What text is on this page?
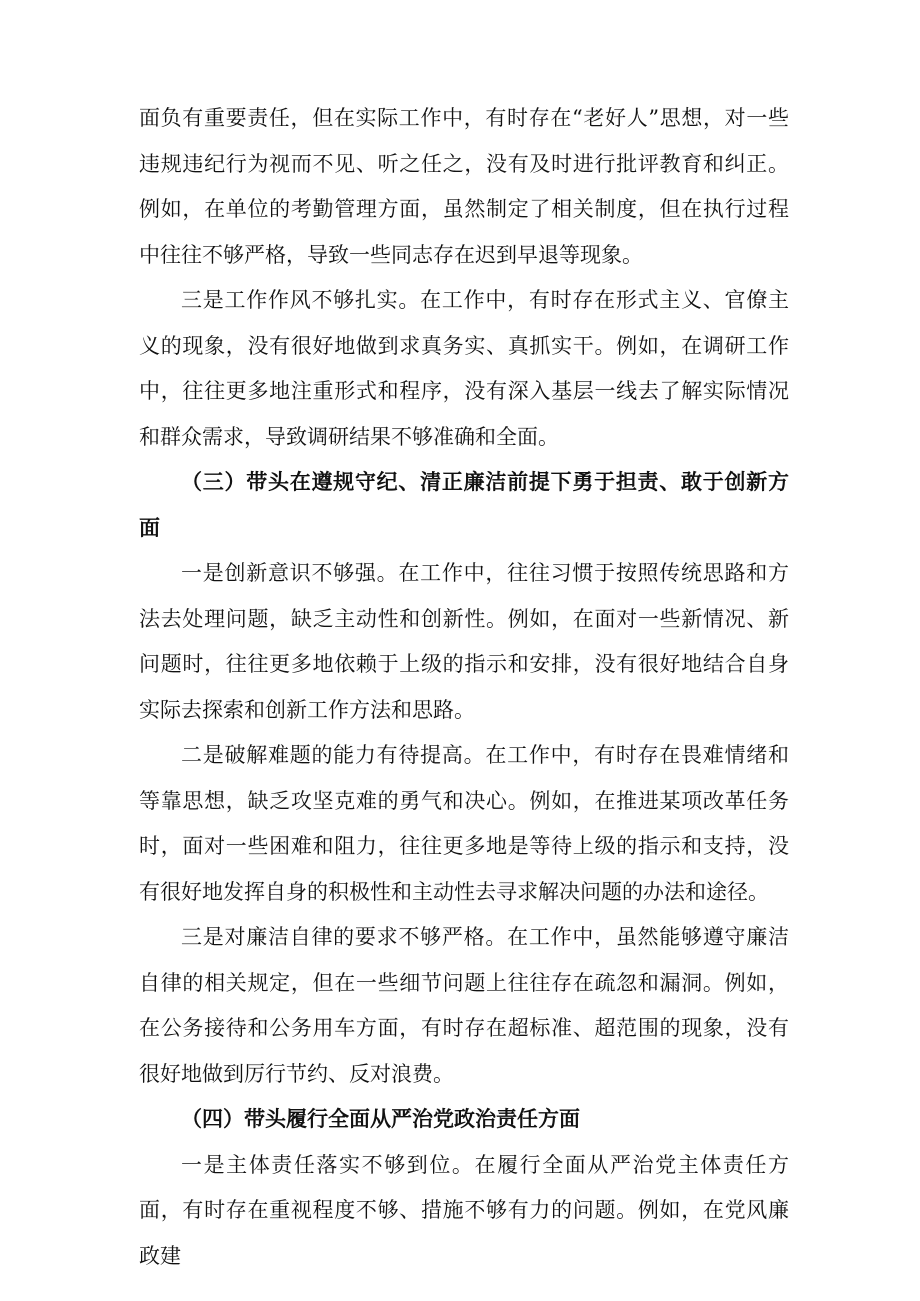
面负有重要责任，但在实际工作中，有时存在“老好人”思想，对一些违规违纪行为视而不见、听之任之，没有及时进行批评教育和纠正。例如，在单位的考勤管理方面，虽然制定了相关制度，但在执行过程中往往不够严格，导致一些同志存在迟到早退等现象。

三是工作作风不够扎实。在工作中，有时存在形式主义、官僚主义的现象，没有很好地做到求真务实、真抓实干。例如，在调研工作中，往往更多地注重形式和程序，没有深入基层一线去了解实际情况和群众需求，导致调研结果不够准确和全面。

（三）带头在遵规守纪、清正廉洁前提下勇于担责、敢于创新方面

一是创新意识不够强。在工作中，往往习惯于按照传统思路和方法去处理问题，缺乏主动性和创新性。例如，在面对一些新情况、新问题时，往往更多地依赖于上级的指示和安排，没有很好地结合自身实际去探索和创新工作方法和思路。

二是破解难题的能力有待提高。在工作中，有时存在畏难情绪和等靠思想，缺乏攻坚克难的勇气和决心。例如，在推进某项改革任务时，面对一些困难和阻力，往往更多地是等待上级的指示和支持，没有很好地发挥自身的积极性和主动性去寻求解决问题的办法和途径。

三是对廉洁自律的要求不够严格。在工作中，虽然能够遵守廉洁自律的相关规定，但在一些细节问题上往往存在疏忽和漏洞。例如，在公务接待和公务用车方面，有时存在超标准、超范围的现象，没有很好地做到厉行节约、反对浪费。

（四）带头履行全面从严治党政治责任方面

一是主体责任落实不够到位。在履行全面从严治党主体责任方面，有时存在重视程度不够、措施不够有力的问题。例如，在党风廉政建
